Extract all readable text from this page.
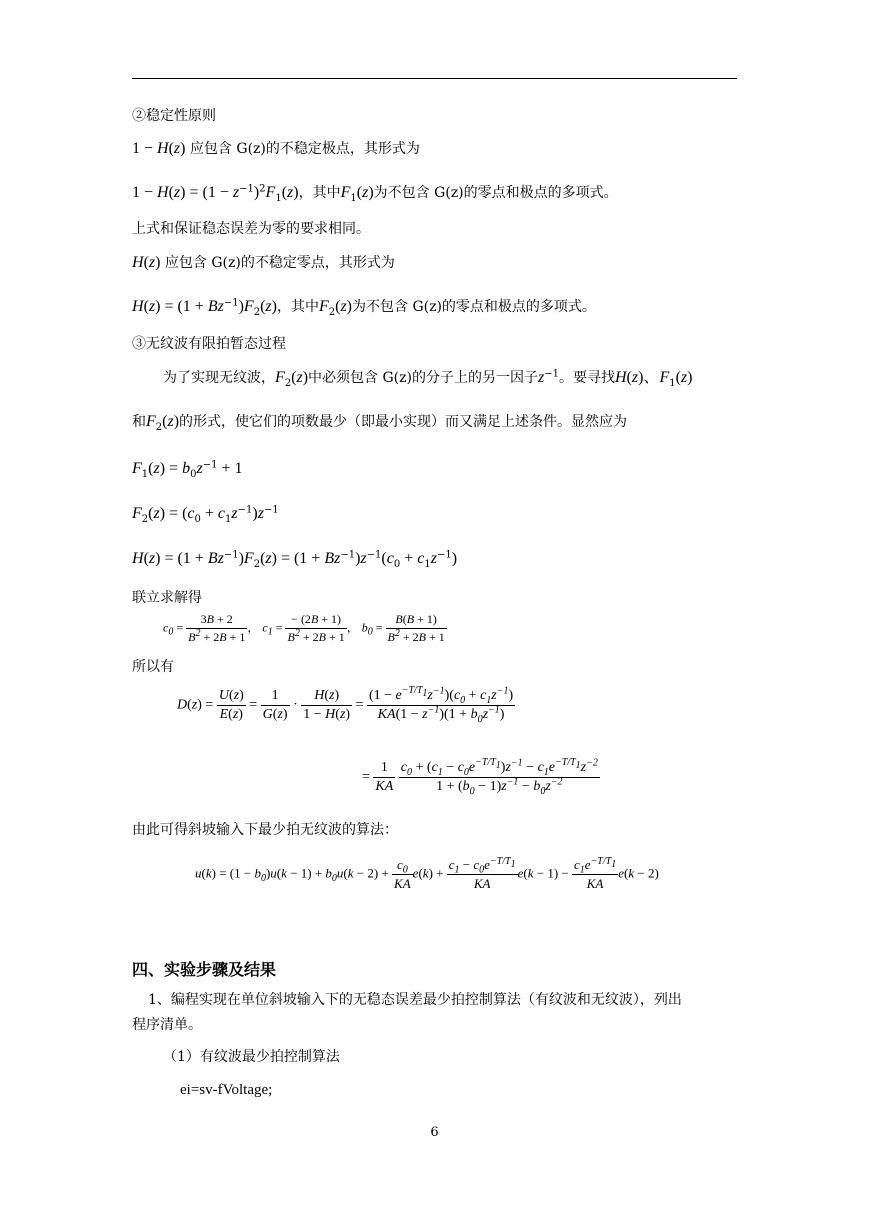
②稳定性原则
1 − H(z) 应包含 G(z)的不稳定极点，其形式为
$1 - H(z) = (1 - z^{-1})^2F_1(z)$，其中$F_1(z)$为不包含 G(z)的零点和极点的多项式。
上式和保证稳态误差为零的要求相同。
H(z) 应包含 G(z)的不稳定零点，其形式为
$H(z) = (1 + Bz^{-1})F_2(z)$，其中$F_2(z)$为不包含 G(z)的零点和极点的多项式。
③无纹波有限拍暂态过程
为了实现无纹波，$F_2(z)$中必须包含 G(z)的分子上的另一因子$z^{-1}$。要寻找H(z)、$F_1(z)$
和$F_2(z)$的形式，使它们的项数最少（即最小实现）而又满足上述条件。显然应为
$F_1(z) = b_0z^{-1} + 1$
$F_2(z) = (c_0 + c_1z^{-1})z^{-1}$
$H(z) = (1 + Bz^{-1})F_2(z) = (1 + Bz^{-1})z^{-1}(c_0 + c_1z^{-1})$
联立求解得
$c_0 = \frac{3B + 2}{B^2 + 2B + 1}$ ， $c_1 = \frac{- (2B + 1)}{B^2 + 2B + 1}$ ， $b_0 = \frac{B(B + 1)}{B^2 + 2B + 1}$
所以有
$D(z) = \frac{U(z)}{E(z)} = \frac{1}{G(z)} \cdot \frac{H(z)}{1 - H(z)} = \frac{(1 - e^{-T/T_1}z^{-1})(c_0 + c_1z^{-1})}{KA(1 - z^{-1})(1 + b_0z^{-1})}$
= $\frac{1}{KA}$
$\frac{c_0 + (c_1 - c_0e^{-T/T_1})z^{-1} - c_1e^{-T/T_1}z^{-2}}{1 + (b_0 - 1)z^{-1} - b_0z^{-2}}$
由此可得斜坡输入下最少拍无纹波的算法：
$u(k) = (1 - b_0)u(k - 1) + b_0u(k - 2) + \frac{c_0}{KA} e(k) + \frac{c_1 - c_0e^{-T/T_1}}{KA} e(k - 1) - \frac{c_1e^{-T/T_1}}{KA} e(k - 2)$
四、实验步骤及结果
1、编程实现在单位斜坡输入下的无稳态误差最少拍控制算法（有纹波和无纹波），列出
程序清单。
（1）有纹波最少拍控制算法
ei=sv-fVoltage;
6
